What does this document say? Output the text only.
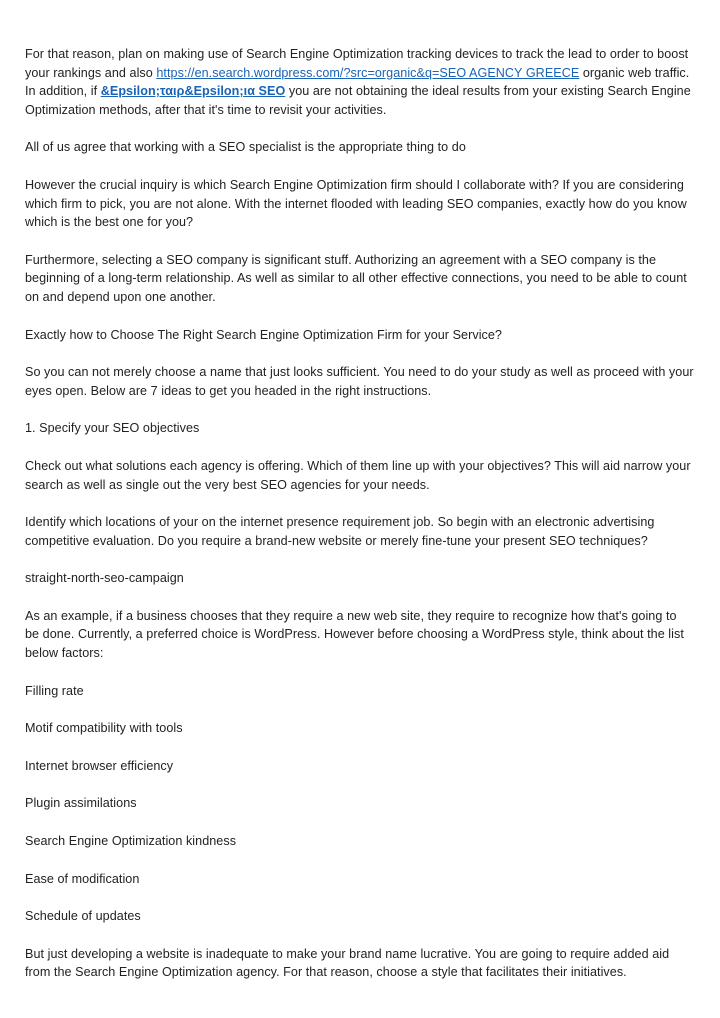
For that reason, plan on making use of Search Engine Optimization tracking devices to track the lead to order to boost your rankings and also https://en.search.wordpress.com/?src=organic&q=SEO AGENCY GREECE organic web traffic. In addition, if &Epsilon;ταιρ&Epsilon;ια SEO you are not obtaining the ideal results from your existing Search Engine Optimization methods, after that it's time to revisit your activities.

All of us agree that working with a SEO specialist is the appropriate thing to do

However the crucial inquiry is which Search Engine Optimization firm should I collaborate with? If you are considering which firm to pick, you are not alone. With the internet flooded with leading SEO companies, exactly how do you know which is the best one for you?

Furthermore, selecting a SEO company is significant stuff. Authorizing an agreement with a SEO company is the beginning of a long-term relationship. As well as similar to all other effective connections, you need to be able to count on and depend upon one another.

Exactly how to Choose The Right Search Engine Optimization Firm for your Service?

So you can not merely choose a name that just looks sufficient. You need to do your study as well as proceed with your eyes open. Below are 7 ideas to get you headed in the right instructions.

1. Specify your SEO objectives

Check out what solutions each agency is offering. Which of them line up with your objectives? This will aid narrow your search as well as single out the very best SEO agencies for your needs.

Identify which locations of your on the internet presence requirement job. So begin with an electronic advertising competitive evaluation. Do you require a brand-new website or merely fine-tune your present SEO techniques?

straight-north-seo-campaign

As an example, if a business chooses that they require a new web site, they require to recognize how that's going to be done. Currently, a preferred choice is WordPress. However before choosing a WordPress style, think about the list below factors:

Filling rate

Motif compatibility with tools

Internet browser efficiency

Plugin assimilations

Search Engine Optimization kindness

Ease of modification

Schedule of updates

But just developing a website is inadequate to make your brand name lucrative. You are going to require added aid from the Search Engine Optimization agency. For that reason, choose a style that facilitates their initiatives.
